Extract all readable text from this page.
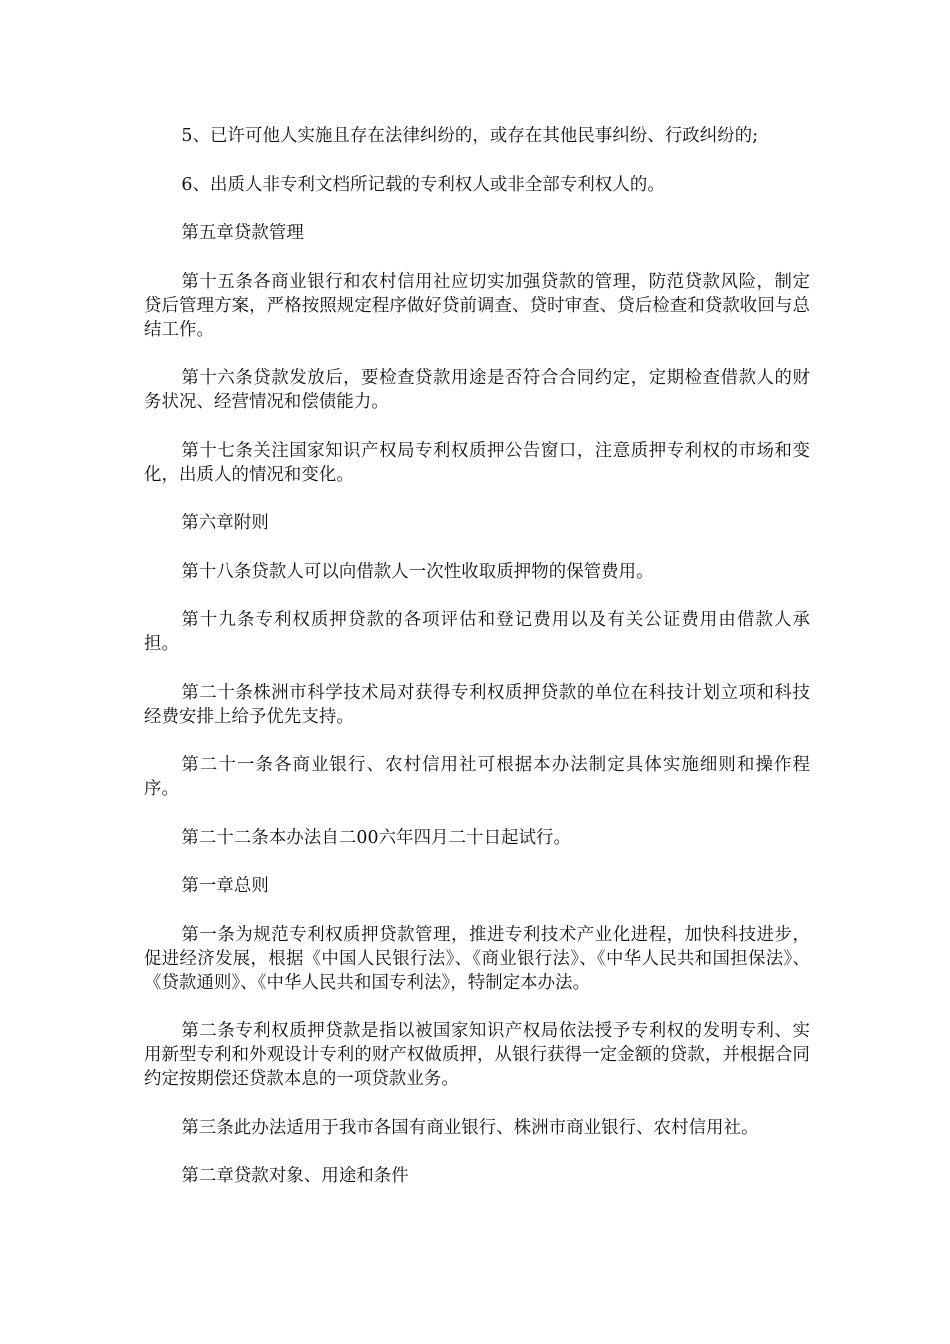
5、已许可他人实施且存在法律纠纷的，或存在其他民事纠纷、行政纠纷的;

6、出质人非专利文档所记载的专利权人或非全部专利权人的。

第五章贷款管理

第十五条各商业银行和农村信用社应切实加强贷款的管理，防范贷款风险，制定贷后管理方案，严格按照规定程序做好贷前调查、贷时审查、贷后检查和贷款收回与总结工作。

第十六条贷款发放后，要检查贷款用途是否符合合同约定，定期检查借款人的财务状况、经营情况和偿债能力。

第十七条关注国家知识产权局专利权质押公告窗口，注意质押专利权的市场和变化，出质人的情况和变化。

第六章附则

第十八条贷款人可以向借款人一次性收取质押物的保管费用。

第十九条专利权质押贷款的各项评估和登记费用以及有关公证费用由借款人承担。

第二十条株洲市科学技术局对获得专利权质押贷款的单位在科技计划立项和科技经费安排上给予优先支持。

第二十一条各商业银行、农村信用社可根据本办法制定具体实施细则和操作程序。

第二十二条本办法自二00六年四月二十日起试行。

第一章总则

第一条为规范专利权质押贷款管理，推进专利技术产业化进程，加快科技进步，促进经济发展，根据《中国人民银行法》、《商业银行法》、《中华人民共和国担保法》、《贷款通则》、《中华人民共和国专利法》，特制定本办法。

第二条专利权质押贷款是指以被国家知识产权局依法授予专利权的发明专利、实用新型专利和外观设计专利的财产权做质押，从银行获得一定金额的贷款，并根据合同约定按期偿还贷款本息的一项贷款业务。

第三条此办法适用于我市各国有商业银行、株洲市商业银行、农村信用社。

第二章贷款对象、用途和条件
